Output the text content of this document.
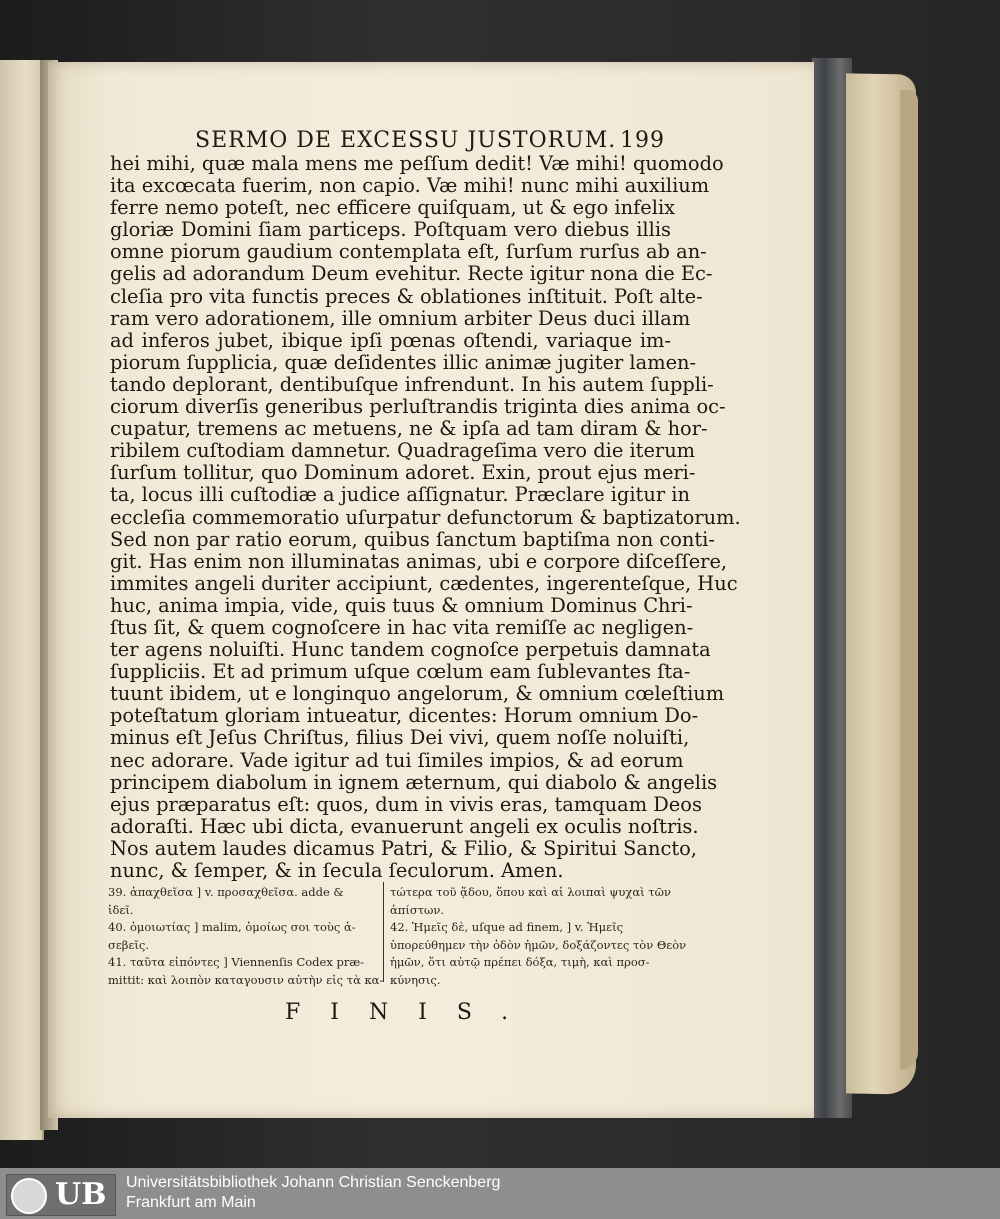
SERMO DE EXCESSU JUSTORUM. 199
hei mihi, quæ mala mens me peſſum dedit! Væ mihi! quomodo
ita excœcata fuerim, non capio. Væ mihi! nunc mihi auxilium
ferre nemo poteſt, nec efficere quiſquam, ut & ego infelix
gloriæ Domini ſiam particeps. Poſtquam vero diebus illis
omne piorum gaudium contemplata eſt, ſurſum rurſus ab an-
gelis ad adorandum Deum evehitur. Recte igitur nona die Ec-
cleſia pro vita functis preces & oblationes inſtituit. Poſt alte-
ram vero adorationem, ille omnium arbiter Deus duci illam
ad inferos jubet, ibique ipſi pœnas oſtendi, variaque im-
piorum ſupplicia, quæ deſidentes illic animæ jugiter lamen-
tando deplorant, dentibuſque infrendunt. In his autem ſuppli-
ciorum diverſis generibus perluſtrandis triginta dies anima oc-
cupatur, tremens ac metuens, ne & ipſa ad tam diram & hor-
ribilem cuſtodiam damnetur. Quadrageſima vero die iterum
ſurſum tollitur, quo Dominum adoret. Exin, prout ejus meri-
ta, locus illi cuſtodiæ a judice aſſignatur. Præclare igitur in
eccleſia commemoratio uſurpatur defunctorum & baptizatorum.
Sed non par ratio eorum, quibus ſanctum baptiſma non conti-
git. Has enim non illuminatas animas, ubi e corpore diſceſſere,
immites angeli duriter accipiunt, cædentes, ingerenteſque, Huc
huc, anima impia, vide, quis tuus & omnium Dominus Chri-
ſtus ſit, & quem cognoſcere in hac vita remiſſe ac negligen-
ter agens noluiſti. Hunc tandem cognoſce perpetuis damnata
ſuppliciis. Et ad primum uſque cœlum eam ſublevantes ſta-
tuunt ibidem, ut e longinquo angelorum, & omnium cœleſtium
poteſtatum gloriam intueatur, dicentes: Horum omnium Do-
minus eſt Jeſus Chriſtus, filius Dei vivi, quem noſſe noluiſti,
nec adorare. Vade igitur ad tui ſimiles impios, & ad eorum
principem diabolum in ignem æternum, qui diabolo & angelis
ejus præparatus eſt: quos, dum in vivis eras, tamquam Deos
adoraſti. Hæc ubi dicta, evanuerunt angeli ex oculis noſtris.
Nos autem laudes dicamus Patri, & Filio, & Spiritui Sancto,
nunc, & ſemper, & in ſecula ſeculorum. Amen.
39. ἀπαχθεῖσα ] v. προσαχθεῖσα. adde &
ἰδεῖ.
40. ὁμοιωτίας ] malim, ὁμοίως σοι τοὺς ἀ-
σεβεῖς.
41. ταῦτα εἰπόντες ] Viennenſis Codex præ-
mittit: καὶ λοιπὸν καταγουσιν αὐτὴν εἰς τὰ κα-
τώτερα τοῦ ᾅδου, ὅπου καὶ αἱ λοιπαὶ ψυχαὶ τῶν
ἀπίστων.
42. Ἡμεῖς δὲ, uſque ad finem, ] v. Ἡμεῖς
ὑπορεύθημεν τὴν ὁδὸν ἡμῶν, δοξάζοντες τὸν Θεὸν
ἡμῶν, ὅτι αὐτῷ πρέπει δόξα, τιμὴ, καὶ προσ-
κύνησις.
FINIS.
UB Universitätsbibliothek Johann Christian Senckenberg
Frankfurt am Main
